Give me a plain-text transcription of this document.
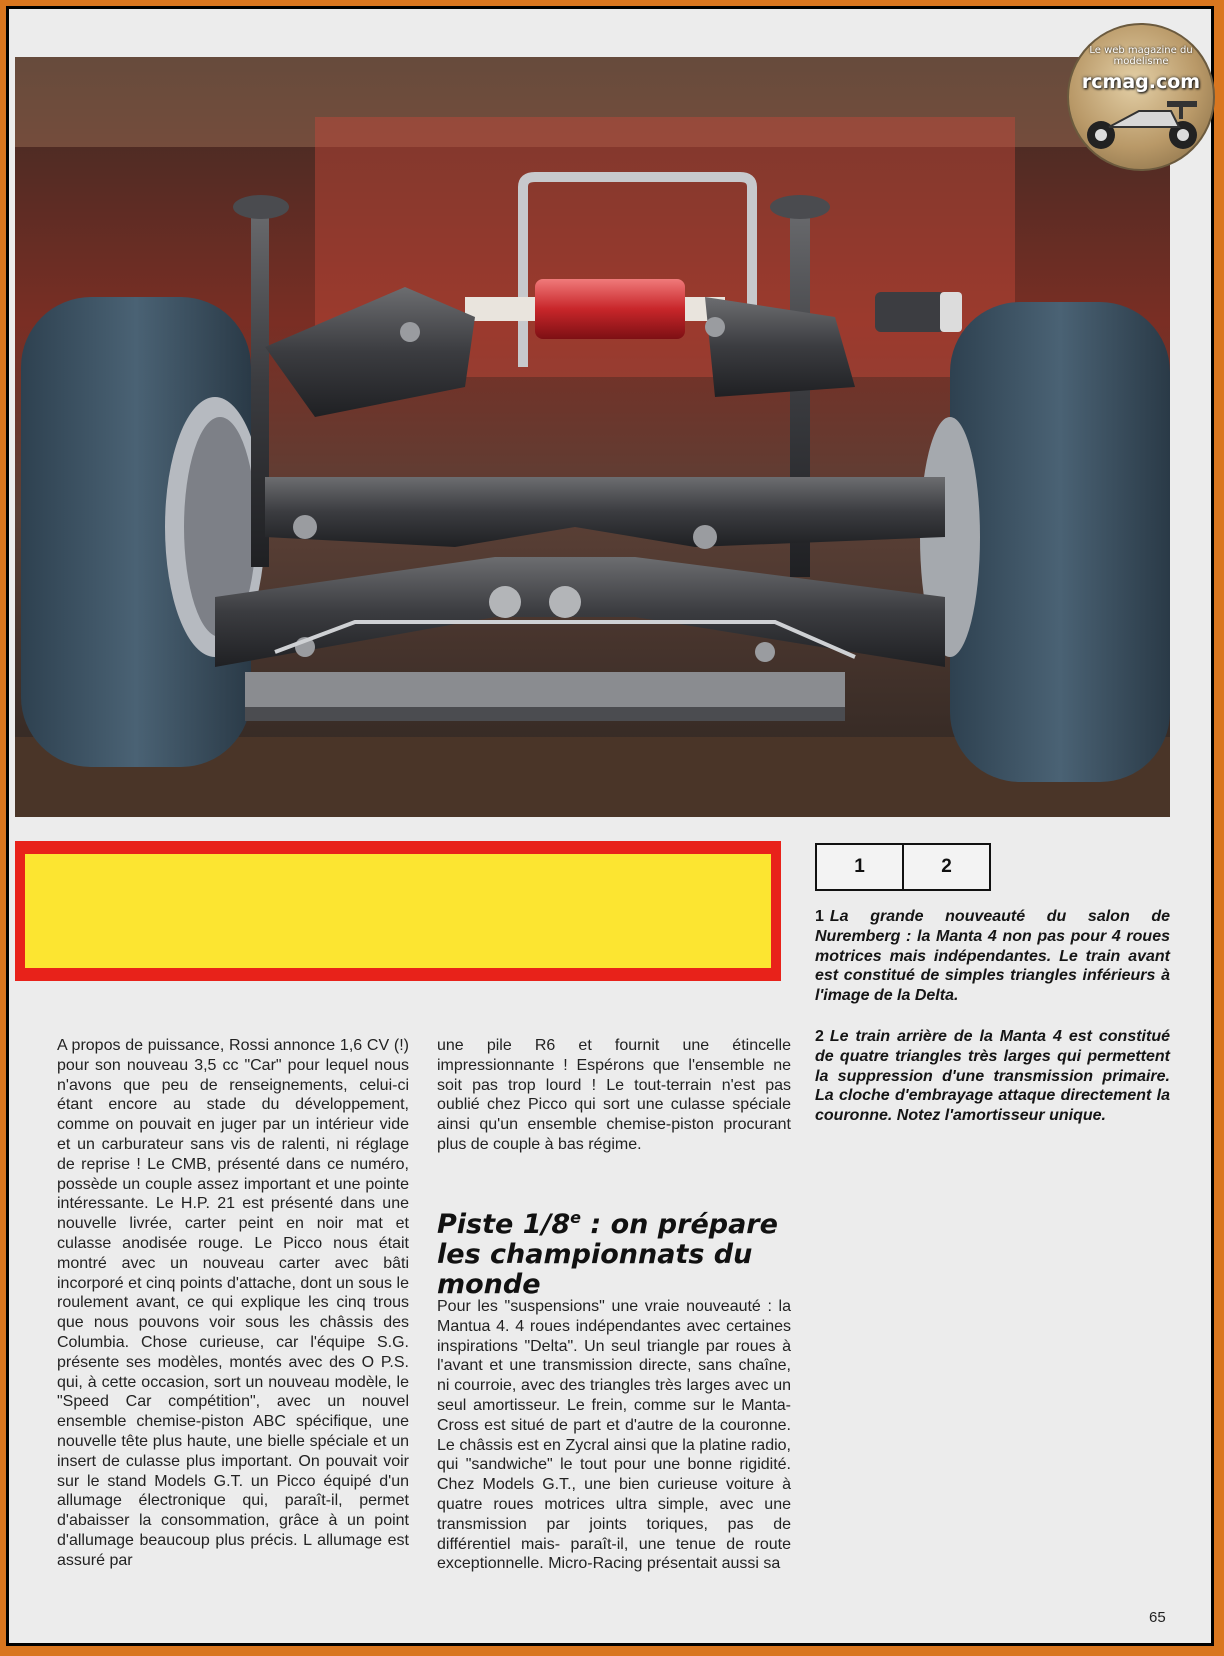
Le web magazine du modelisme
rcmag.com
1	2
1 La grande nouveauté du salon de Nuremberg : la Manta 4 non pas pour 4 roues motrices mais indépendantes. Le train avant est constitué de simples triangles inférieurs à l'image de la Delta.
2 Le train arrière de la Manta 4 est constitué de quatre triangles très larges qui permettent la suppression d'une transmission primaire. La cloche d'embrayage attaque directement la couronne. Notez l'amortisseur unique.

A propos de puissance, Rossi annonce 1,6 CV (!) pour son nouveau 3,5 cc "Car" pour lequel nous n'avons que peu de renseignements, celui-ci étant encore au stade du développement, comme on pouvait en juger par un intérieur vide et un carburateur sans vis de ralenti, ni réglage de reprise ! Le CMB, présenté dans ce numéro, possède un couple assez important et une pointe intéressante. Le H.P. 21 est présenté dans une nouvelle livrée, carter peint en noir mat et culasse anodisée rouge. Le Picco nous était montré avec un nouveau carter avec bâti incorporé et cinq points d'attache, dont un sous le roulement avant, ce qui explique les cinq trous que nous pouvons voir sous les châssis des Columbia. Chose curieuse, car l'équipe S.G. présente ses modèles, montés avec des O P.S. qui, à cette occasion, sort un nouveau modèle, le "Speed Car compétition", avec un nouvel ensemble chemise-piston ABC spécifique, une nouvelle tête plus haute, une bielle spéciale et un insert de culasse plus important. On pouvait voir sur le stand Models G.T. un Picco équipé d'un allumage électronique qui, paraît-il, permet d'abaisser la consommation, grâce à un point d'allumage beaucoup plus précis. L allumage est assuré par

une pile R6 et fournit une étincelle impressionnante ! Espérons que l'ensemble ne soit pas trop lourd ! Le tout-terrain n'est pas oublié chez Picco qui sort une culasse spéciale ainsi qu'un ensemble chemise-piston procurant plus de couple à bas régime.

Piste 1/8e : on prépare les championnats du monde

Pour les "suspensions" une vraie nouveauté : la Mantua 4. 4 roues indépendantes avec certaines inspirations "Delta". Un seul triangle par roues à l'avant et une transmission directe, sans chaîne, ni courroie, avec des triangles très larges avec un seul amortisseur. Le frein, comme sur le Manta-Cross est situé de part et d'autre de la couronne. Le châssis est en Zycral ainsi que la platine radio, qui "sandwiche" le tout pour une bonne rigidité. Chez Models G.T., une bien curieuse voiture à quatre roues motrices ultra simple, avec une transmission par joints toriques, pas de différentiel mais- paraît-il, une tenue de route exceptionnelle. Micro-Racing présentait aussi sa

65
